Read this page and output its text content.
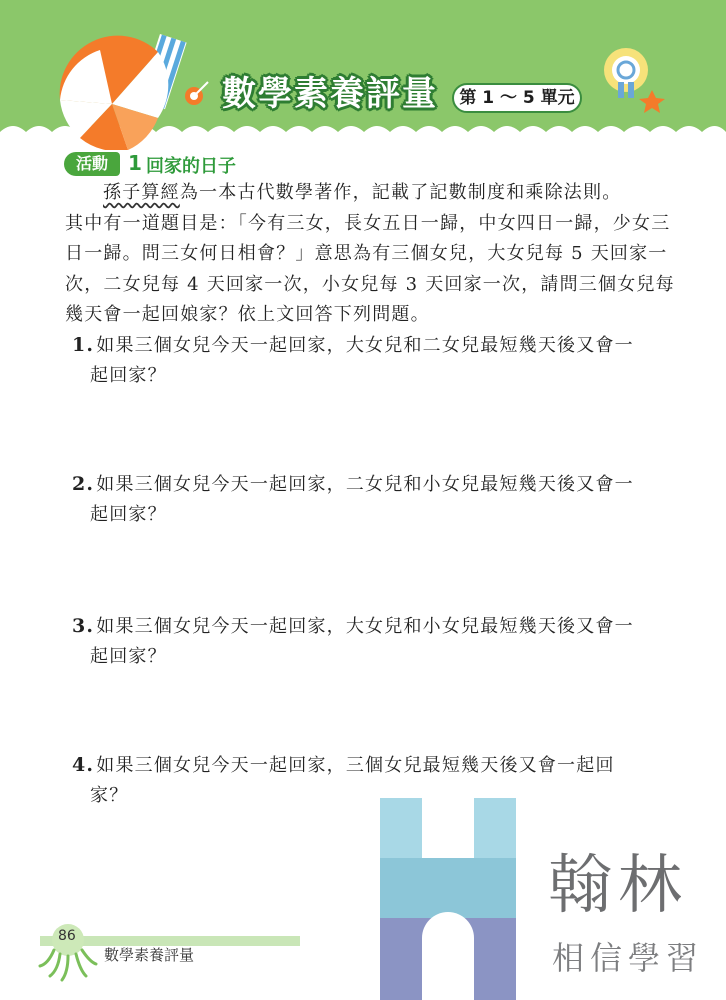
數學素養評量	第 1 ～ 5 單元
活動	1 回家的日子

孫子算經為一本古代數學著作，記載了記數制度和乘除法則。

其中有一道題目是：「今有三女，長女五日一歸，中女四日一歸，少女三日一歸。問三女何日相會？」意思為有三個女兒，大女兒每 5 天回家一次，二女兒每 4 天回家一次，小女兒每 3 天回家一次，請問三個女兒每幾天會一起回娘家？依上文回答下列問題。

1. 如果三個女兒今天一起回家，大女兒和二女兒最短幾天後又會一
起回家？
2. 如果三個女兒今天一起回家，二女兒和小女兒最短幾天後又會一
起回家？
3. 如果三個女兒今天一起回家，大女兒和小女兒最短幾天後又會一
起回家？
4. 如果三個女兒今天一起回家，三個女兒最短幾天後又會一起回
家？
翰林
相信學習
86
數學素養評量
